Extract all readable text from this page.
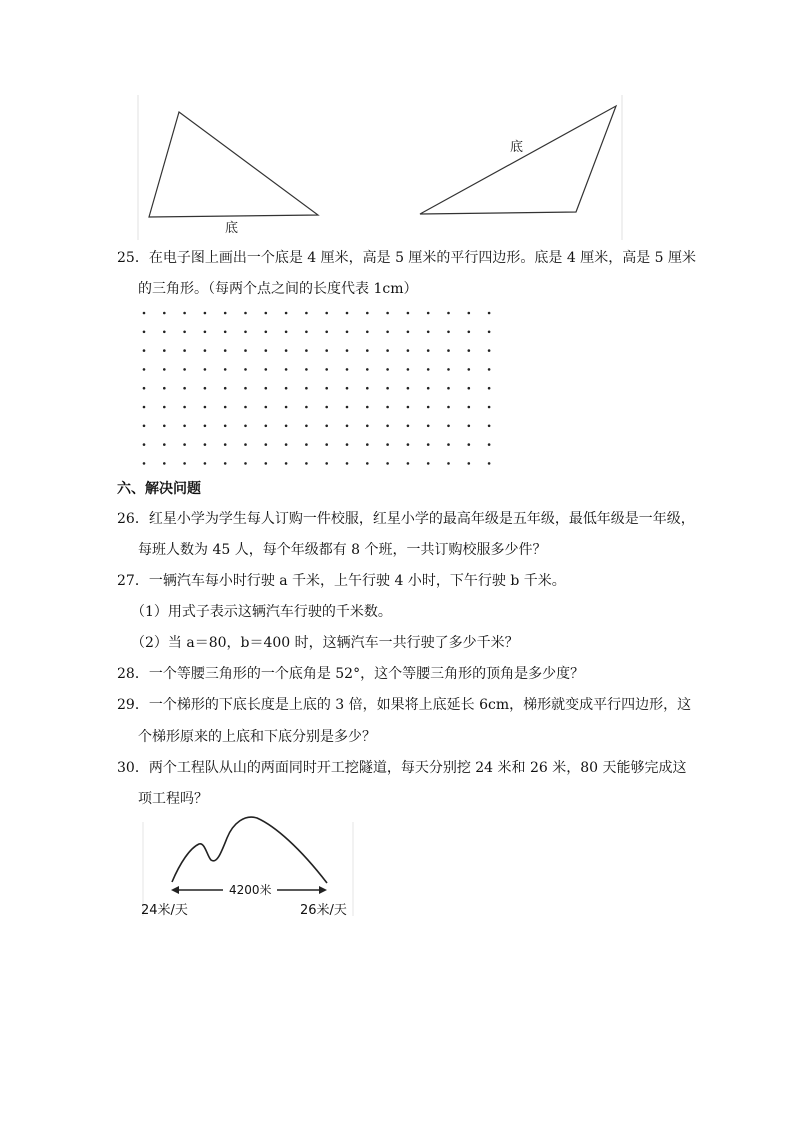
底
底
25．在电子图上画出一个底是 4 厘米，高是 5 厘米的平行四边形。底是 4 厘米，高是 5 厘米
的三角形。（每两个点之间的长度代表 1cm）
六、解决问题
26．红星小学为学生每人订购一件校服，红星小学的最高年级是五年级，最低年级是一年级，
每班人数为 45 人，每个年级都有 8 个班，一共订购校服多少件？
27．一辆汽车每小时行驶 a 千米，上午行驶 4 小时，下午行驶 b 千米。
（1）用式子表示这辆汽车行驶的千米数。
（2）当 a＝80，b＝400 时，这辆汽车一共行驶了多少千米？
28．一个等腰三角形的一个底角是 52°，这个等腰三角形的顶角是多少度？
29．一个梯形的下底长度是上底的 3 倍，如果将上底延长 6cm，梯形就变成平行四边形，这
个梯形原来的上底和下底分别是多少？
30．两个工程队从山的两面同时开工挖隧道，每天分别挖 24 米和 26 米，80 天能够完成这
项工程吗？
4200米
24米/天	26米/天
